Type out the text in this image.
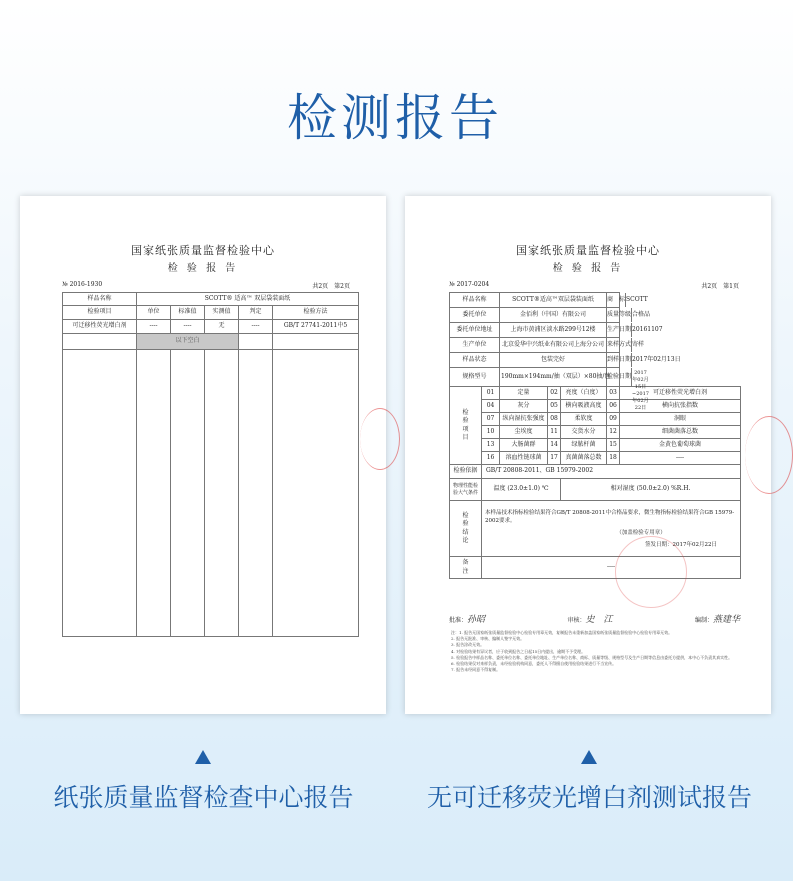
检测报告
国家纸张质量监督检验中心
检 验 报 告
№ 2016-1930	共2页　第2页
样品名称	SCOTT® 适高™ 双层袋装面纸				
检验项目	单位	标准值	实测值	判定	检验方法
可迁移性荧光增白剂	----	----	无	----	GB/T 27741-2011中5
	以下空白				

国家纸张质量监督检验中心
检 验 报 告
№ 2017-0204	共2页　第1页
样品名称		SCOTT®适高™双层袋装面纸			商　标 SCOTT	

委托单位		金佰利（中国）有限公司			质量等级 合格品	

委托单位地址		上海市黄浦区淡水路299号12楼			生产日期 20161107	

生产单位		北京爱华中兴纸业有限公司上海分公司			来样方式 寄样	

样品状态		包装完好			到样日期 2017年02月13日	

规格型号		190mm×194mm/抽（双层）×80抽/包			检验日期 2017年02月15日~2017年02月22日	

检验项目	01	定量	02	亮度（白度）	03	可迁移性荧光增白剂
	04	灰分	05	横向吸液高度	06	横向抗张指数
	07	纵向湿抗张强度	08	柔软度	09	洞眼
	10	尘埃度	11	交货水分	12	细菌菌落总数
	13	大肠菌群	14	绿脓杆菌	15	金黄色葡萄球菌
	16	溶血性链球菌	17	真菌菌落总数	18	----
检验依据	GB/T 20808-2011、GB 15979-2002					
物理性能检验大气条件	温度 (23.0±1.0) ℃			相对湿度 (50.0±2.0) %R.H.		
检验结论	本样品技术指标检验结果符合GB/T 20808-2011中合格品要求，微生物指标检验结果符合GB 15979-2002要求。
（加盖检验专用章）
签发日期：2017年02月22日					

备注	----					
批准：孙昭	审核：史　江	编制：燕建华
注：1. 报告无国家纸张质量监督检验中心检验专用章无效，复制报告未重新加盖国家纸张质量监督检验中心检验专用章无效。
2. 报告无批准、审核、编制人签字无效。
3. 报告涂改无效。
4. 对检验结果有异议者，应于收到报告之日起15日内提出，逾期不予受理。
5. 检验报告中样品名称、委托单位名称、委托单位地址、生产单位名称、商标、质量等级、规格型号及生产日期等信息由委托方提供，本中心不负责其真实性。
6. 检验结果仅对来样负责，未经检验机构同意，委托人不得擅自使用检验结果进行不当宣传。
7. 报告未经同意不得复制。
纸张质量监督检查中心报告	无可迁移荧光增白剂测试报告
